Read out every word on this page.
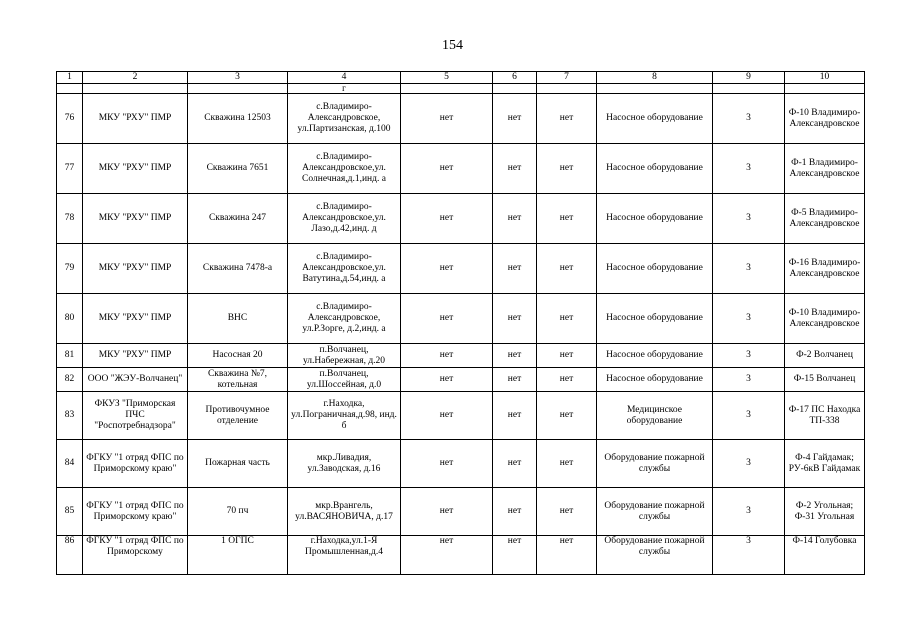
154
1	2	3	4	5	6	7	8	9	10
			г						
76	МКУ "РХУ" ПМР	Скважина 12503	с.Владимиро-Александровское, ул.Партизанская, д.100	нет	нет	нет	Насосное оборудование	3	Ф-10 Владимиро-Александровское
77	МКУ "РХУ" ПМР	Скважина 7651	с.Владимиро-Александровское,ул. Солнечная,д.1,инд. а	нет	нет	нет	Насосное оборудование	3	Ф-1 Владимиро-Александровское
78	МКУ "РХУ" ПМР	Скважина 247	с.Владимиро-Александровское,ул. Лазо,д.42,инд. д	нет	нет	нет	Насосное оборудование	3	Ф-5 Владимиро-Александровское
79	МКУ "РХУ" ПМР	Скважина 7478-а	с.Владимиро-Александровское,ул. Ватутина,д.54,инд. а	нет	нет	нет	Насосное оборудование	3	Ф-16 Владимиро-Александровское
80	МКУ "РХУ" ПМР	ВНС	с.Владимиро-Александровское, ул.Р.Зорге, д.2,инд. а	нет	нет	нет	Насосное оборудование	3	Ф-10 Владимиро-Александровское
81	МКУ "РХУ" ПМР	Насосная 20	п.Волчанец, ул.Набережная, д.20	нет	нет	нет	Насосное оборудование	3	Ф-2 Волчанец
82	ООО "ЖЭУ-Волчанец"	Скважина №7, котельная	п.Волчанец, ул.Шоссейная, д.0	нет	нет	нет	Насосное оборудование	3	Ф-15 Волчанец
83	ФКУЗ "Приморская ПЧС "Роспотребнадзора"	Противочумное отделение	г.Находка, ул.Пограничная,д.98, инд. б	нет	нет	нет	Медицинское оборудование	3	Ф-17 ПС Находка ТП-338
84	ФГКУ "1 отряд ФПС по Приморскому краю"	Пожарная часть	мкр.Ливадия, ул.Заводская, д.16	нет	нет	нет	Оборудование пожарной службы	3	Ф-4 Гайдамак; РУ-6кВ Гайдамак
85	ФГКУ "1 отряд ФПС по Приморскому краю"	70 пч	мкр.Врангель, ул.ВАСЯНОВИЧА, д.17	нет	нет	нет	Оборудование пожарной службы	3	Ф-2 Угольная; Ф-31 Угольная
86	ФГКУ "1 отряд ФПС по Приморскому	1 ОГПС	г.Находка,ул.1-Я Промышленная,д.4	нет	нет	нет	Оборудование пожарной службы	3	Ф-14 Голубовка
